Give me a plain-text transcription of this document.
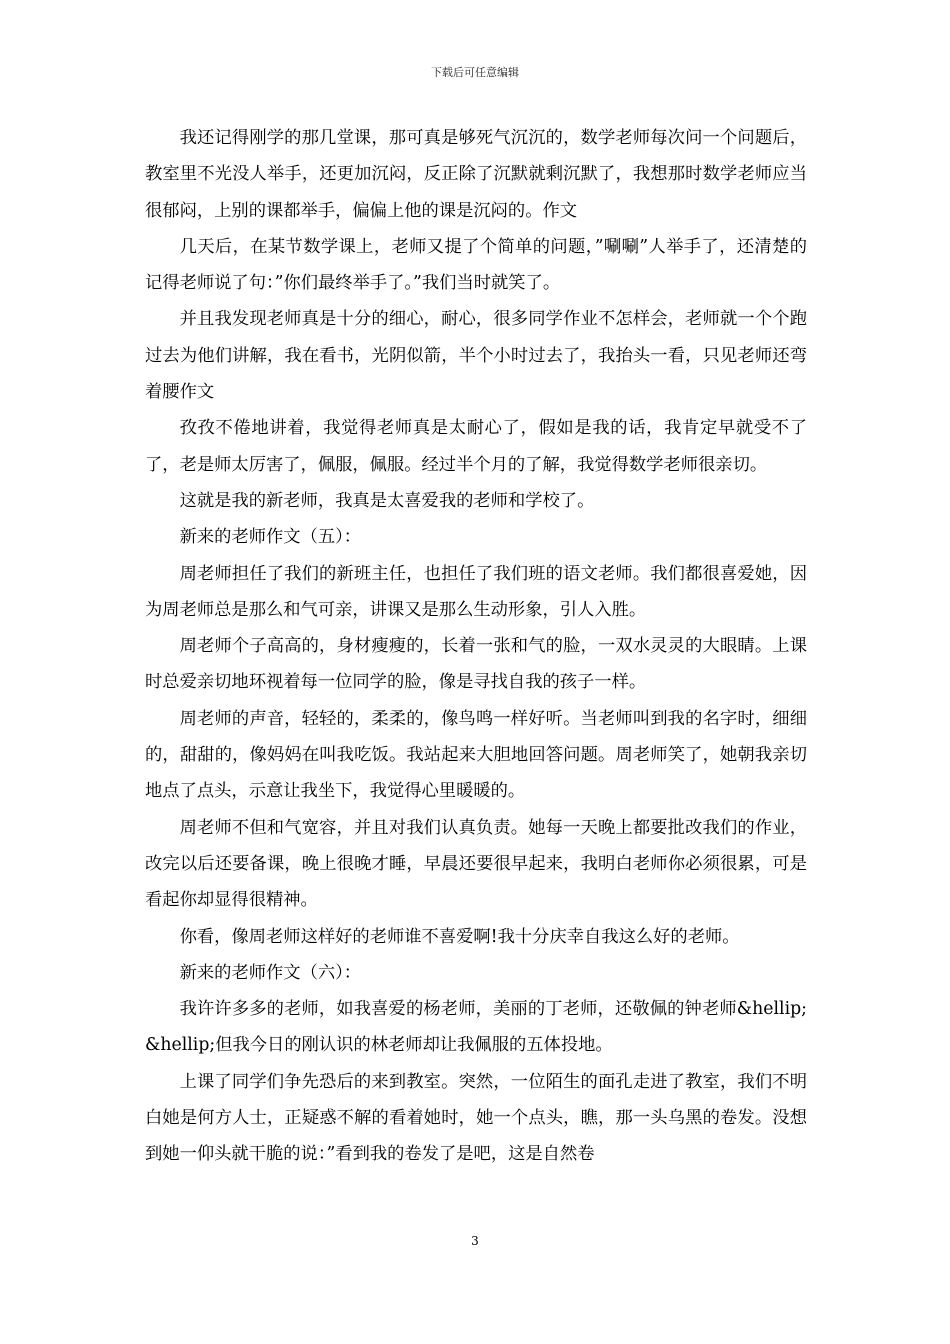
下载后可任意编辑

我还记得刚学的那几堂课，那可真是够死气沉沉的，数学老师每次问一个问题后，教室里不光没人举手，还更加沉闷，反正除了沉默就剩沉默了，我想那时数学老师应当很郁闷，上别的课都举手，偏偏上他的课是沉闷的。作文

几天后，在某节数学课上，老师又提了个简单的问题，”唰唰”人举手了，还清楚的记得老师说了句：”你们最终举手了。”我们当时就笑了。

并且我发现老师真是十分的细心，耐心，很多同学作业不怎样会，老师就一个个跑过去为他们讲解，我在看书，光阴似箭，半个小时过去了，我抬头一看，只见老师还弯着腰作文

孜孜不倦地讲着，我觉得老师真是太耐心了，假如是我的话，我肯定早就受不了了，老是师太厉害了，佩服，佩服。经过半个月的了解，我觉得数学老师很亲切。

这就是我的新老师，我真是太喜爱我的老师和学校了。

新来的老师作文（五）：

周老师担任了我们的新班主任，也担任了我们班的语文老师。我们都很喜爱她，因为周老师总是那么和气可亲，讲课又是那么生动形象，引人入胜。

周老师个子高高的，身材瘦瘦的，长着一张和气的脸，一双水灵灵的大眼睛。上课时总爱亲切地环视着每一位同学的脸，像是寻找自我的孩子一样。

周老师的声音，轻轻的，柔柔的，像鸟鸣一样好听。当老师叫到我的名字时，细细的，甜甜的，像妈妈在叫我吃饭。我站起来大胆地回答问题。周老师笑了，她朝我亲切地点了点头，示意让我坐下，我觉得心里暖暖的。

周老师不但和气宽容，并且对我们认真负责。她每一天晚上都要批改我们的作业，改完以后还要备课，晚上很晚才睡，早晨还要很早起来，我明白老师你必须很累，可是看起你却显得很精神。

你看，像周老师这样好的老师谁不喜爱啊!我十分庆幸自我这么好的老师。

新来的老师作文（六）：

我许许多多的老师，如我喜爱的杨老师，美丽的丁老师，还敬佩的钟老师&hellip;&hellip;但我今日的刚认识的林老师却让我佩服的五体投地。

上课了同学们争先恐后的来到教室。突然，一位陌生的面孔走进了教室，我们不明白她是何方人士，正疑惑不解的看着她时，她一个点头，瞧，那一头乌黑的卷发。没想到她一仰头就干脆的说：”看到我的卷发了是吧，这是自然卷

3
